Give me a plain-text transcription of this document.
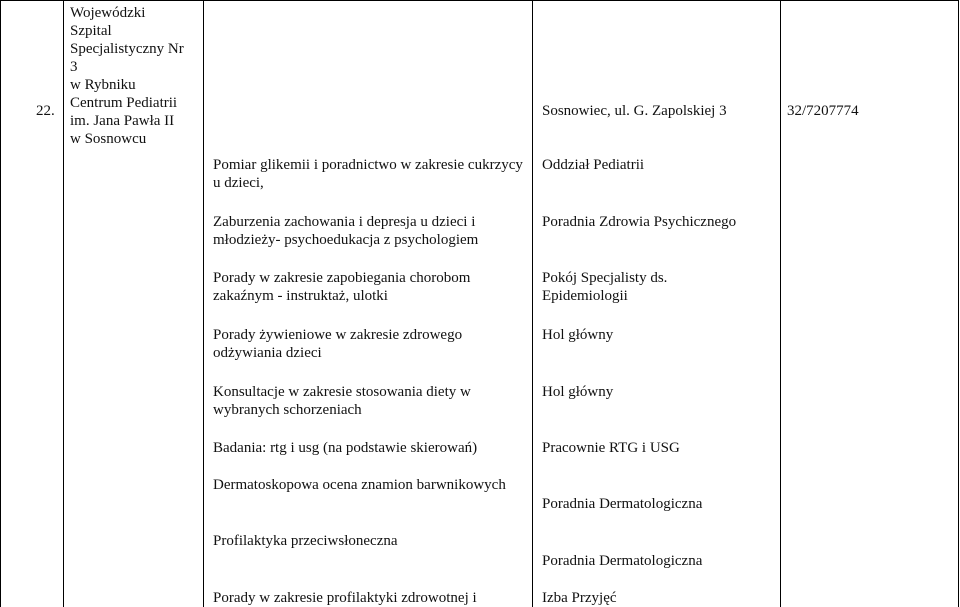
22.

Wojewódzki
Szpital
Specjalistyczny Nr
3
w Rybniku
Centrum Pediatrii
im. Jana Pawła II
w Sosnowcu

Pomiar glikemii i poradnictwo w zakresie cukrzycy u dzieci,

Zaburzenia zachowania i depresja u dzieci i młodzieży- psychoedukacja z psychologiem

Porady w zakresie zapobiegania chorobom zakaźnym - instruktaż, ulotki

Porady żywieniowe w zakresie zdrowego odżywiania dzieci

Konsultacje w zakresie stosowania diety w wybranych schorzeniach

Badania: rtg i usg (na podstawie skierowań)

Dermatoskopowa ocena znamion barwnikowych

Profilaktyka przeciwsłoneczna

Porady w zakresie profilaktyki zdrowotnej i

Sosnowiec, ul. G. Zapolskiej 3

Oddział Pediatrii

Poradnia Zdrowia Psychicznego

Pokój Specjalisty ds. Epidemiologii

Hol główny

Hol główny

Pracownie RTG i USG

Poradnia Dermatologiczna

Poradnia Dermatologiczna

Izba Przyjęć

32/7207774
